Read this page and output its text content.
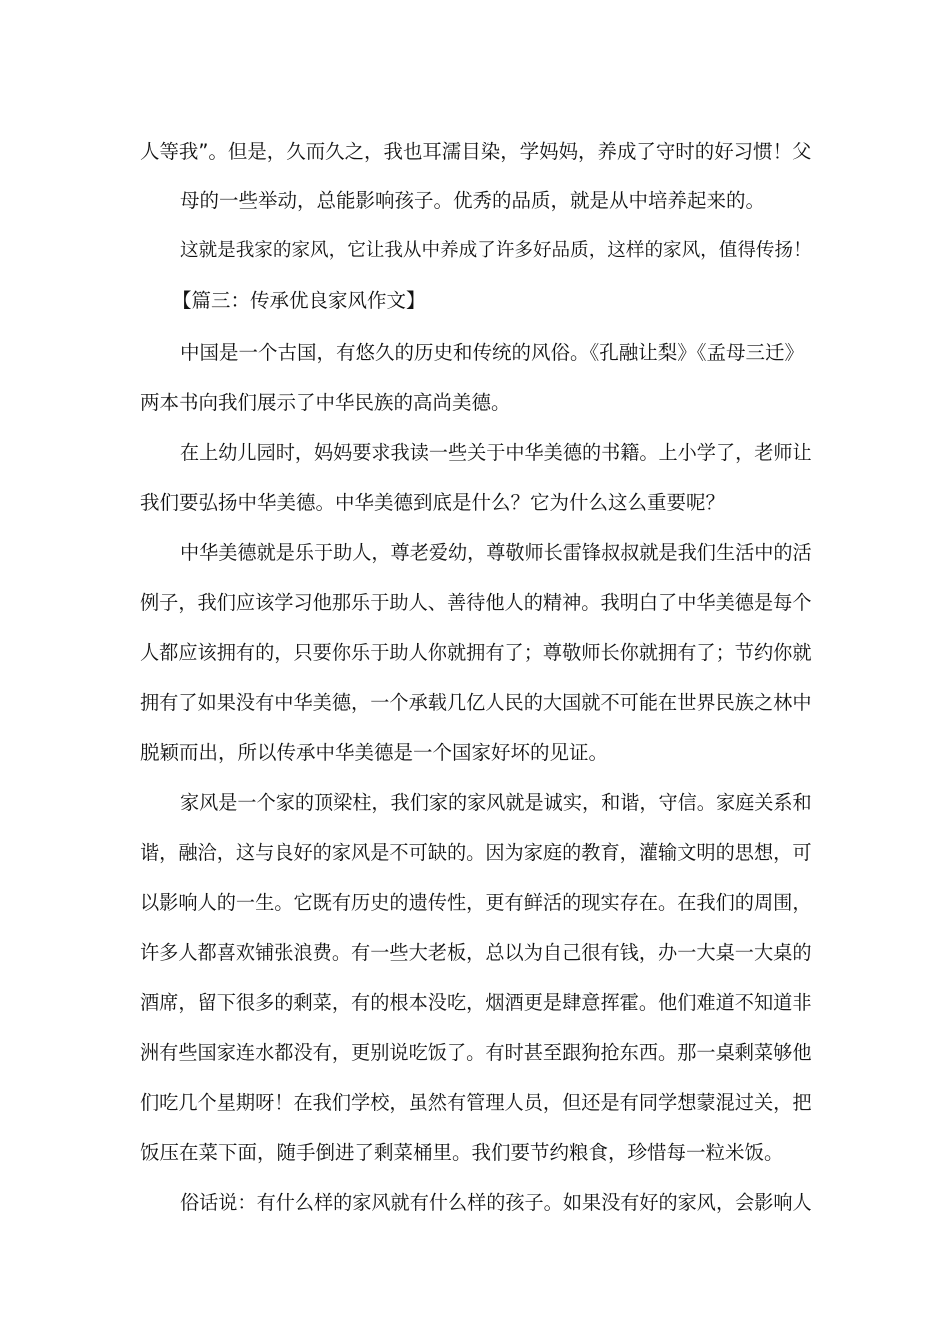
人等我”。但是，久而久之，我也耳濡目染，学妈妈，养成了守时的好习惯！父
母的一些举动，总能影响孩子。优秀的品质，就是从中培养起来的。
这就是我家的家风，它让我从中养成了许多好品质，这样的家风，值得传扬！
【篇三：传承优良家风作文】
中国是一个古国，有悠久的历史和传统的风俗。《孔融让梨》《孟母三迁》
两本书向我们展示了中华民族的高尚美德。
在上幼儿园时，妈妈要求我读一些关于中华美德的书籍。上小学了，老师让
我们要弘扬中华美德。中华美德到底是什么？它为什么这么重要呢？
中华美德就是乐于助人，尊老爱幼，尊敬师长雷锋叔叔就是我们生活中的活
例子，我们应该学习他那乐于助人、善待他人的精神。我明白了中华美德是每个
人都应该拥有的，只要你乐于助人你就拥有了；尊敬师长你就拥有了；节约你就
拥有了如果没有中华美德，一个承载几亿人民的大国就不可能在世界民族之林中
脱颖而出，所以传承中华美德是一个国家好坏的见证。
家风是一个家的顶梁柱，我们家的家风就是诚实，和谐，守信。家庭关系和
谐，融洽，这与良好的家风是不可缺的。因为家庭的教育，灌输文明的思想，可
以影响人的一生。它既有历史的遗传性，更有鲜活的现实存在。在我们的周围，
许多人都喜欢铺张浪费。有一些大老板，总以为自己很有钱，办一大桌一大桌的
酒席，留下很多的剩菜，有的根本没吃，烟酒更是肆意挥霍。他们难道不知道非
洲有些国家连水都没有，更别说吃饭了。有时甚至跟狗抢东西。那一桌剩菜够他
们吃几个星期呀！在我们学校，虽然有管理人员，但还是有同学想蒙混过关，把
饭压在菜下面，随手倒进了剩菜桶里。我们要节约粮食，珍惜每一粒米饭。
俗话说：有什么样的家风就有什么样的孩子。如果没有好的家风，会影响人
